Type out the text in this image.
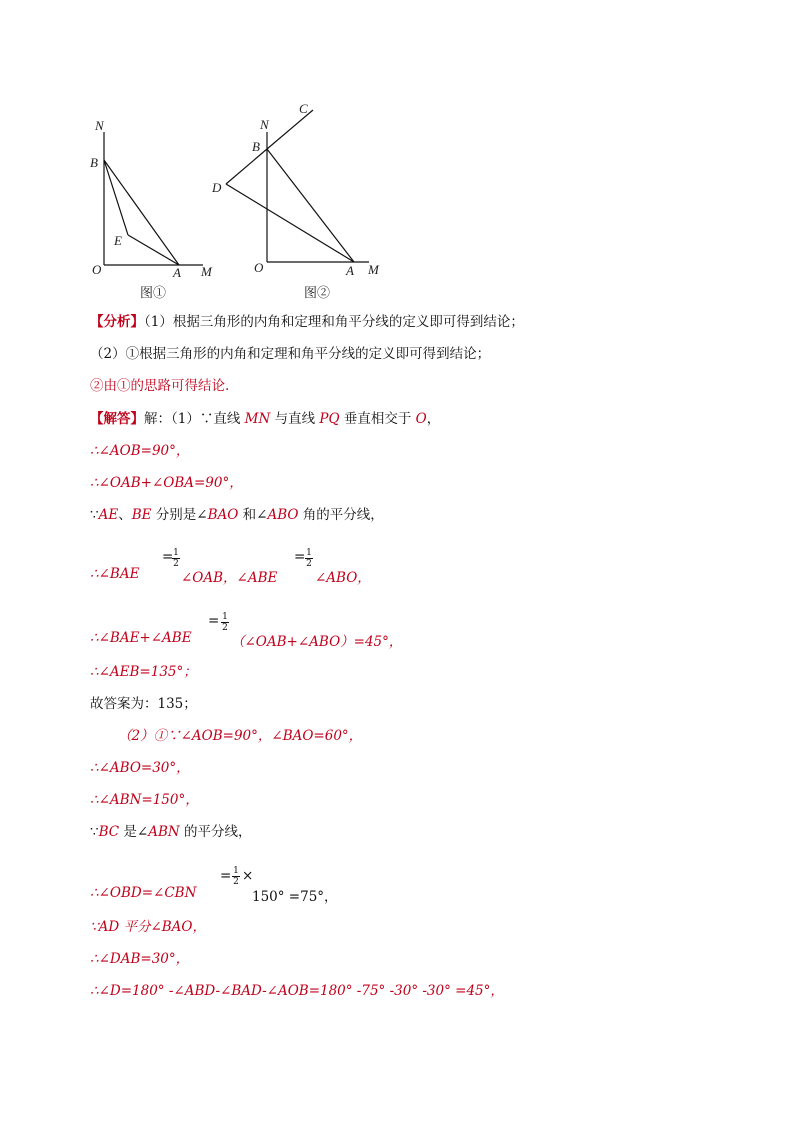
N
B
E
O	A M
图①
C
N
B
D
O	A M
图②
【分析】（1）根据三角形的内角和定理和角平分线的定义即可得到结论；
（2）①根据三角形的内角和定理和角平分线的定义即可得到结论；
②由①的思路可得结论.
【解答】解：（1）∵直线 MN 与直线 PQ 垂直相交于 O，
∴∠AOB=90°，
∴∠OAB+∠OBA=90°，
∵AE、BE 分别是∠BAO 和∠ABO 角的平分线，
∴∠BAE
=
$\frac{1}{2}$
∠OAB，∠ABE
= $\frac{1}{2}$
∠ABO，
∴∠BAE+∠ABE
= $\frac{1}{2}$
（∠OAB+∠ABO）=45°，
∴∠AEB=135°；
故答案为：135；
（2）①∵∠AOB=90°，∠BAO=60°，
∴∠ABO=30°，
∴∠ABN=150°，
∵BC 是∠ABN 的平分线，
∴∠OBD=∠CBN
= $\frac{1}{2}$ ×
150° =75°，
∵AD 平分∠BAO，
∴∠DAB=30°，
∴∠D=180° -∠ABD-∠BAD-∠AOB=180° -75° -30° -30° =45°，
